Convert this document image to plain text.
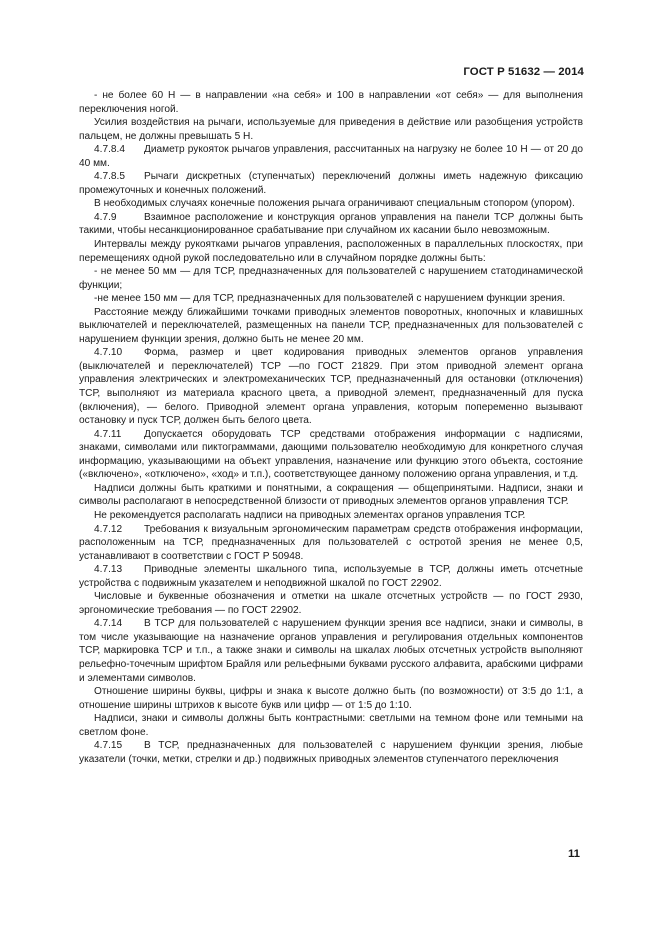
ГОСТ Р 51632 — 2014

- не более 60 Н — в направлении «на себя» и 100 в направлении «от себя» — для выполнения переключения ногой.

Усилия воздействия на рычаги, используемые для приведения в действие или разобщения устройств пальцем, не должны превышать 5 Н.

4.7.8.4 Диаметр рукояток рычагов управления, рассчитанных на нагрузку не более 10 Н — от 20 до 40 мм.

4.7.8.5 Рычаги дискретных (ступенчатых) переключений должны иметь надежную фиксацию промежуточных и конечных положений.

В необходимых случаях конечные положения рычага ограничивают специальным стопором (упором).

4.7.9	Взаимное расположение и конструкция органов управления на панели ТСР должны быть такими, чтобы несанкционированное срабатывание при случайном их касании было невозможным.

Интервалы между рукоятками рычагов управления, расположенных в параллельных плоскостях, при перемещениях одной рукой последовательно или в случайном порядке должны быть:

- не менее 50 мм — для ТСР, предназначенных для пользователей с нарушением статодинамической функции;

-не менее 150 мм — для ТСР, предназначенных для пользователей с нарушением функции зрения.

Расстояние между ближайшими точками приводных элементов поворотных, кнопочных и клавишных выключателей и переключателей, размещенных на панели ТСР, предназначенных для пользователей с нарушением функции зрения, должно быть не менее 20 мм.

4.7.10 Форма, размер и цвет кодирования приводных элементов органов управления (выключателей и переключателей) ТСР —по ГОСТ 21829. При этом приводной элемент органа управления электрических и электромеханических ТСР, предназначенный для остановки (отключения) ТСР, выполняют из материала красного цвета, а приводной элемент, предназначенный для пуска (включения), — белого. Приводной элемент органа управления, которым попеременно вызывают остановку и пуск ТСР, должен быть белого цвета.

4.7.11 Допускается оборудовать ТСР средствами отображения информации с надписями, знаками, символами или пиктограммами, дающими пользователю необходимую для конкретного случая информацию, указывающими на объект управления, назначение или функцию этого объекта, состояние («включено», «отключено», «ход» и т.п.), соответствующее данному положению органа управления, и т.д.

Надписи должны быть краткими и понятными, а сокращения — общепринятыми. Надписи, знаки и символы располагают в непосредственной близости от приводных элементов органов управления ТСР.

Не рекомендуется располагать надписи на приводных элементах органов управления ТСР.

4.7.12 Требования к визуальным эргономическим параметрам средств отображения информации, расположенным на ТСР, предназначенных для пользователей с остротой зрения не менее 0,5, устанавливают в соответствии с ГОСТ Р 50948.

4.7.13 Приводные элементы шкального типа, используемые в ТСР, должны иметь отсчетные устройства с подвижным указателем и неподвижной шкалой по ГОСТ 22902.

Числовые и буквенные обозначения и отметки на шкале отсчетных устройств — по ГОСТ 2930, эргономические требования — по ГОСТ 22902.

4.7.14 В ТСР для пользователей с нарушением функции зрения все надписи, знаки и символы, в том числе указывающие на назначение органов управления и регулирования отдельных компонентов ТСР, маркировка ТСР и т.п., а также знаки и символы на шкалах любых отсчетных устройств выполняют рельефно-точечным шрифтом Брайля или рельефными буквами русского алфавита, арабскими цифрами и элементами символов.

Отношение ширины буквы, цифры и знака к высоте должно быть (по возможности) от 3:5 до 1:1, а отношение ширины штрихов к высоте букв или цифр — от 1:5 до 1:10.

Надписи, знаки и символы должны быть контрастными: светлыми на темном фоне или темными на светлом фоне.

4.7.15 В ТСР, предназначенных для пользователей с нарушением функции зрения, любые указатели (точки, метки, стрелки и др.) подвижных приводных элементов ступенчатого переключения

11
